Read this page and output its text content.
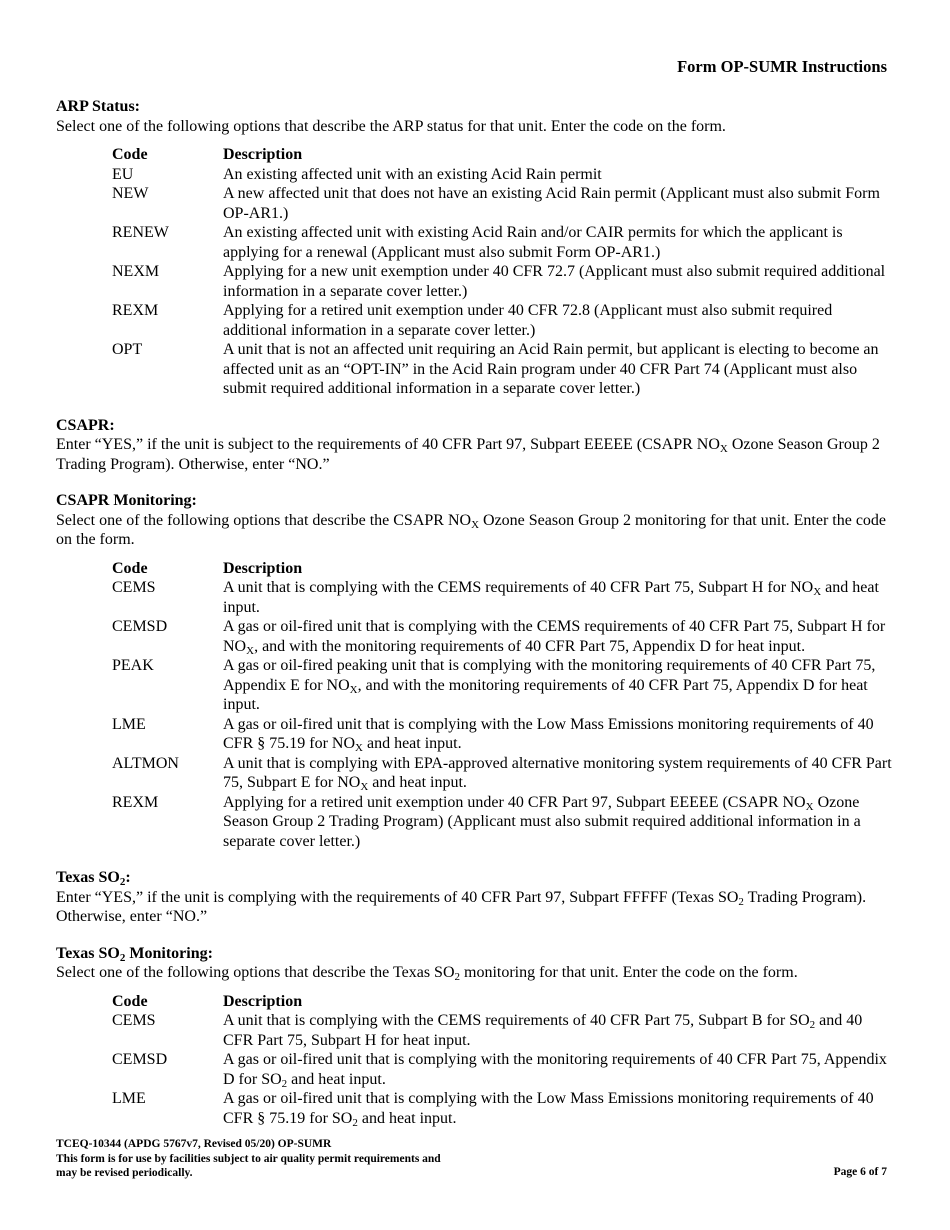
Form OP-SUMR Instructions
ARP Status:

Select one of the following options that describe the ARP status for that unit. Enter the code on the form.

Code	Description
EU	An existing affected unit with an existing Acid Rain permit
NEW	A new affected unit that does not have an existing Acid Rain permit (Applicant must also submit Form OP-AR1.)
RENEW	An existing affected unit with existing Acid Rain and/or CAIR permits for which the applicant is applying for a renewal (Applicant must also submit Form OP-AR1.)
NEXM	Applying for a new unit exemption under 40 CFR 72.7 (Applicant must also submit required additional information in a separate cover letter.)
REXM	Applying for a retired unit exemption under 40 CFR 72.8 (Applicant must also submit required additional information in a separate cover letter.)
OPT	A unit that is not an affected unit requiring an Acid Rain permit, but applicant is electing to become an affected unit as an “OPT-IN” in the Acid Rain program under 40 CFR Part 74 (Applicant must also submit required additional information in a separate cover letter.)
CSAPR:

Enter “YES,” if the unit is subject to the requirements of 40 CFR Part 97, Subpart EEEEE (CSAPR $NO_X$ Ozone Season Group 2 Trading Program). Otherwise, enter “NO.”

CSAPR Monitoring:

Select one of the following options that describe the CSAPR $NO_X$ Ozone Season Group 2 monitoring for that unit. Enter the code on the form.

Code	Description
CEMS	A unit that is complying with the CEMS requirements of 40 CFR Part 75, Subpart H for $NO_X$ and heat input.
CEMSD	A gas or oil-fired unit that is complying with the CEMS requirements of 40 CFR Part 75, Subpart H for $NO_X$, and with the monitoring requirements of 40 CFR Part 75, Appendix D for heat input.
PEAK	A gas or oil-fired peaking unit that is complying with the monitoring requirements of 40 CFR Part 75, Appendix E for $NO_X$, and with the monitoring requirements of 40 CFR Part 75, Appendix D for heat input.
LME	A gas or oil-fired unit that is complying with the Low Mass Emissions monitoring requirements of 40 CFR § 75.19 for $NO_X$ and heat input.
ALTMON	A unit that is complying with EPA-approved alternative monitoring system requirements of 40 CFR Part 75, Subpart E for $NO_X$ and heat input.
REXM	Applying for a retired unit exemption under 40 CFR Part 97, Subpart EEEEE (CSAPR $NO_X$ Ozone Season Group 2 Trading Program) (Applicant must also submit required additional information in a separate cover letter.)
Texas $SO_2$:

Enter “YES,” if the unit is complying with the requirements of 40 CFR Part 97, Subpart FFFFF (Texas $SO_2$ Trading Program). Otherwise, enter “NO.”

Texas $SO_2$ Monitoring:

Select one of the following options that describe the Texas $SO_2$ monitoring for that unit. Enter the code on the form.

Code	Description
CEMS	A unit that is complying with the CEMS requirements of 40 CFR Part 75, Subpart B for $SO_2$ and 40 CFR Part 75, Subpart H for heat input.
CEMSD	A gas or oil-fired unit that is complying with the monitoring requirements of 40 CFR Part 75, Appendix D for $SO_2$ and heat input.
LME	A gas or oil-fired unit that is complying with the Low Mass Emissions monitoring requirements of 40 CFR § 75.19 for $SO_2$ and heat input.
TCEQ-10344 (APDG 5767v7, Revised 05/20) OP-SUMR
This form is for use by facilities subject to air quality permit requirements and
may be revised periodically.	Page 6 of 7
